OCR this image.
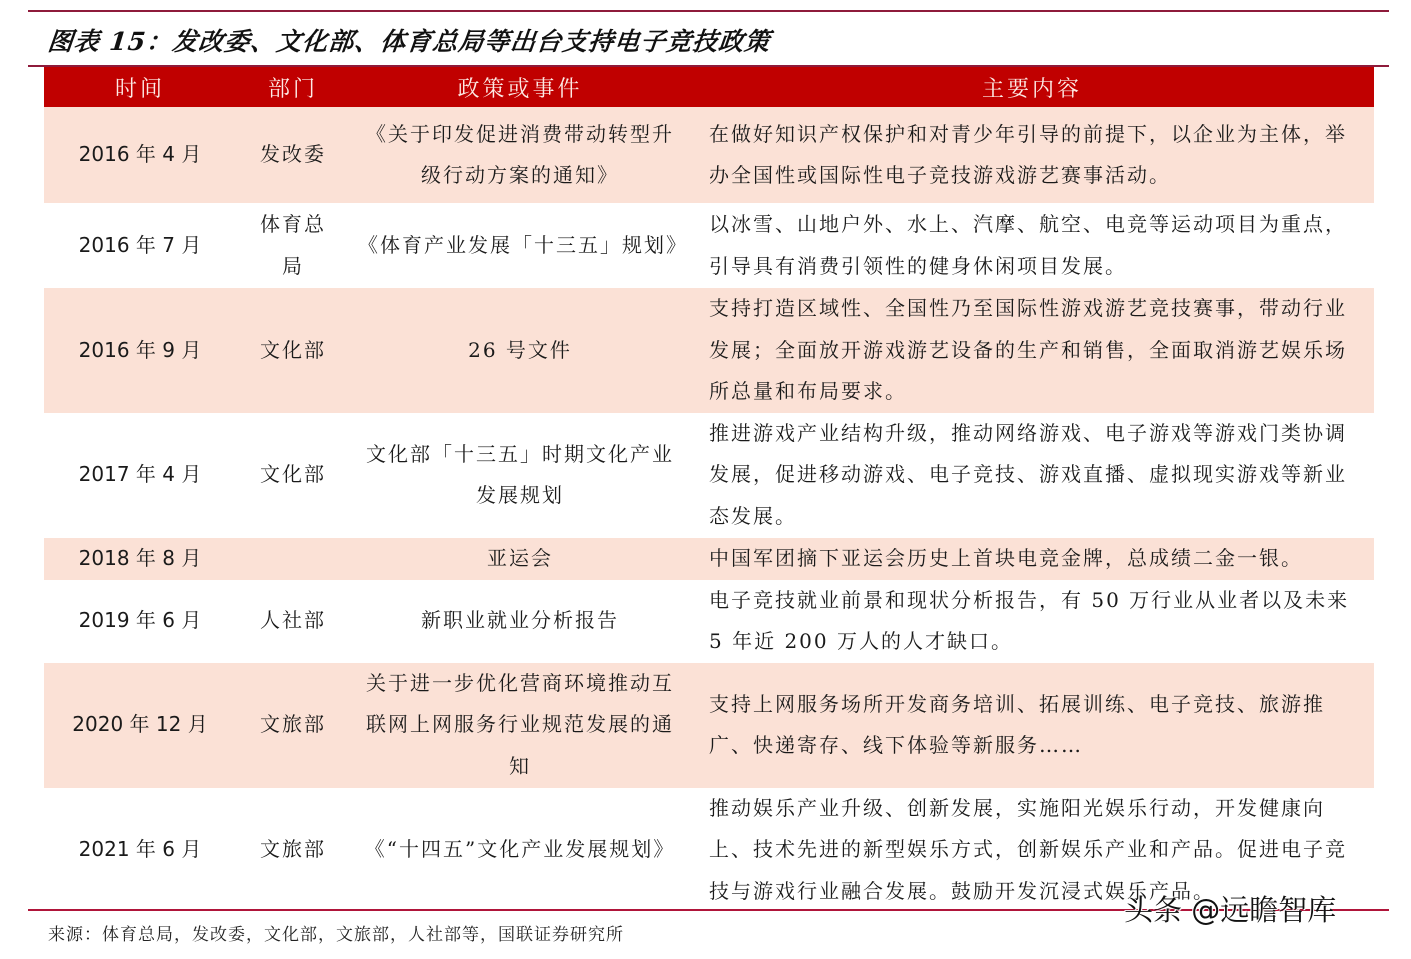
图表 15：发改委、文化部、体育总局等出台支持电子竞技政策
时间	部门	政策或事件	主要内容
2016 年 4 月	发改委	《关于印发促进消费带动转型升级行动方案的通知》	在做好知识产权保护和对青少年引导的前提下，以企业为主体，举办全国性或国际性电子竞技游戏游艺赛事活动。
2016 年 7 月	体育总局	《体育产业发展「十三五」规划》	以冰雪、山地户外、水上、汽摩、航空、电竞等运动项目为重点，引导具有消费引领性的健身休闲项目发展。
2016 年 9 月	文化部	26 号文件	支持打造区域性、全国性乃至国际性游戏游艺竞技赛事，带动行业发展；全面放开游戏游艺设备的生产和销售，全面取消游艺娱乐场所总量和布局要求。
2017 年 4 月	文化部	文化部「十三五」时期文化产业发展规划	推进游戏产业结构升级，推动网络游戏、电子游戏等游戏门类协调发展，促进移动游戏、电子竞技、游戏直播、虚拟现实游戏等新业态发展。
2018 年 8 月		亚运会	中国军团摘下亚运会历史上首块电竞金牌，总成绩二金一银。
2019 年 6 月	人社部	新职业就业分析报告	电子竞技就业前景和现状分析报告，有 50 万行业从业者以及未来 5 年近 200 万人的人才缺口。
2020 年 12 月	文旅部	关于进一步优化营商环境推动互联网上网服务行业规范发展的通知	支持上网服务场所开发商务培训、拓展训练、电子竞技、旅游推广、快递寄存、线下体验等新服务……
2021 年 6 月	文旅部	《“十四五”文化产业发展规划》	推动娱乐产业升级、创新发展，实施阳光娱乐行动，开发健康向上、技术先进的新型娱乐方式，创新娱乐产业和产品。促进电子竞技与游戏行业融合发展。鼓励开发沉浸式娱乐产品。
来源：体育总局，发改委，文化部，文旅部，人社部等，国联证券研究所
头条 @远瞻智库
